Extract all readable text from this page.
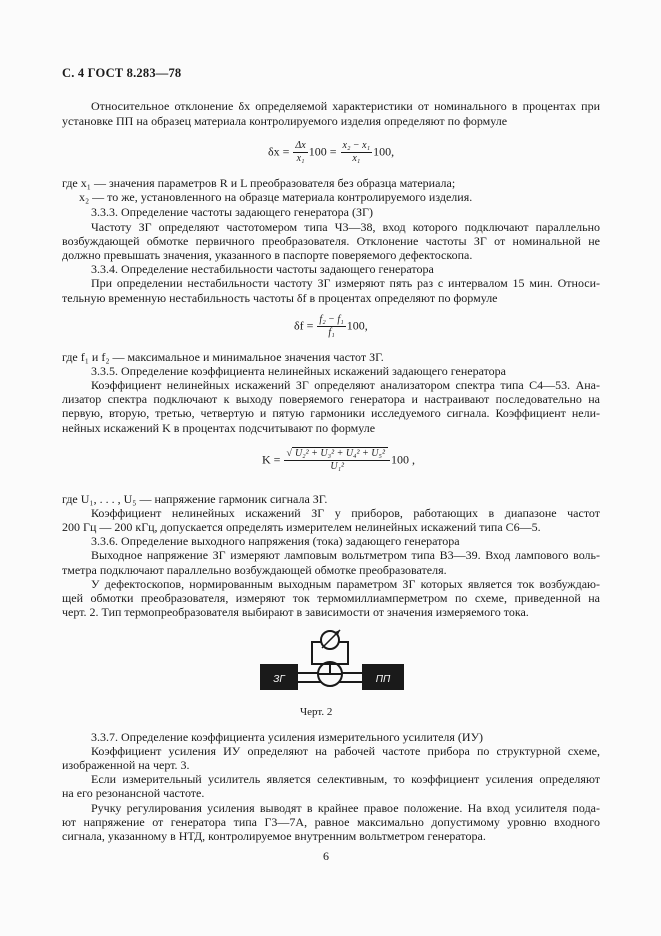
С. 4 ГОСТ 8.283—78
Относительное отклонение δx определяемой характеристики от номинального в процентах при
установке ПП на образец материала контролируемого изделия определяют по формуле
$\delta x = \frac{\Delta x}{\text{x₁}} 100 = \frac{\text{x₂ − x₁}}{\text{x₁}} 100$,
где x₁ — значения параметров R и L преобразователя без образца материала;
x₂ — то же, установленного на образце материала контролируемого изделия.
3.3.3. Определение частоты задающего генератора (ЗГ)
Частоту ЗГ определяют частотомером типа Ч3—38, вход которого подключают параллельно
возбуждающей обмотке первичного преобразователя. Отклонение частоты ЗГ от номинальной не
должно превышать значения, указанного в паспорте поверяемого дефектоскопа.
3.3.4. Определение нестабильности частоты задающего генератора
При определении нестабильности частоту ЗГ измеряют пять раз с интервалом 15 мин. Относи-
тельную временную нестабильность частоты δf в процентах определяют по формуле
$\delta f = \frac{\text{f₂ − f₁}}{\text{f₁}} 100$,
где f₁ и f₂ — максимальное и минимальное значения частот ЗГ.
3.3.5. Определение коэффициента нелинейных искажений задающего генератора
Коэффициент нелинейных искажений ЗГ определяют анализатором спектра типа С4—53. Ана-
лизатор спектра подключают к выходу поверяемого генератора и настраивают последовательно на
первую, вторую, третью, четвертую и пятую гармоники исследуемого сигнала. Коэффициент нели-
нейных искажений K в процентах подсчитывают по формуле
$K = \frac{\text{√ U₂² + U₃² + U₄² + U₅²}}{\text{U₁²}} 100$ ,
где U₁, . . . , U₅ — напряжение гармоник сигнала ЗГ.
Коэффициент нелинейных искажений ЗГ у приборов, работающих в диапазоне частот
200 Гц — 200 кГц, допускается определять измерителем нелинейных искажений типа С6—5.
3.3.6. Определение выходного напряжения (тока) задающего генератора
Выходное напряжение ЗГ измеряют ламповым вольтметром типа В3—39. Вход лампового воль-
тметра подключают параллельно возбуждающей обмотке преобразователя.
У дефектоскопов, нормированным выходным параметром ЗГ которых является ток возбуждаю-
щей обмотки преобразователя, измеряют ток термомиллиамперметром по схеме, приведенной на
черт. 2. Тип термопреобразователя выбирают в зависимости от значения измеряемого тока.
ЗГ	ПП
Черт. 2
3.3.7. Определение коэффициента усиления измерительного усилителя (ИУ)
Коэффициент усиления ИУ определяют на рабочей частоте прибора по структурной схеме,
изображенной на черт. 3.
Если измерительный усилитель является селективным, то коэффициент усиления определяют
на его резонансной частоте.
Ручку регулирования усиления выводят в крайнее правое положение. На вход усилителя пода-
ют напряжение от генератора типа Г3—7А, равное максимально допустимому уровню входного
сигнала, указанному в НТД, контролируемое внутренним вольтметром генератора.
6
